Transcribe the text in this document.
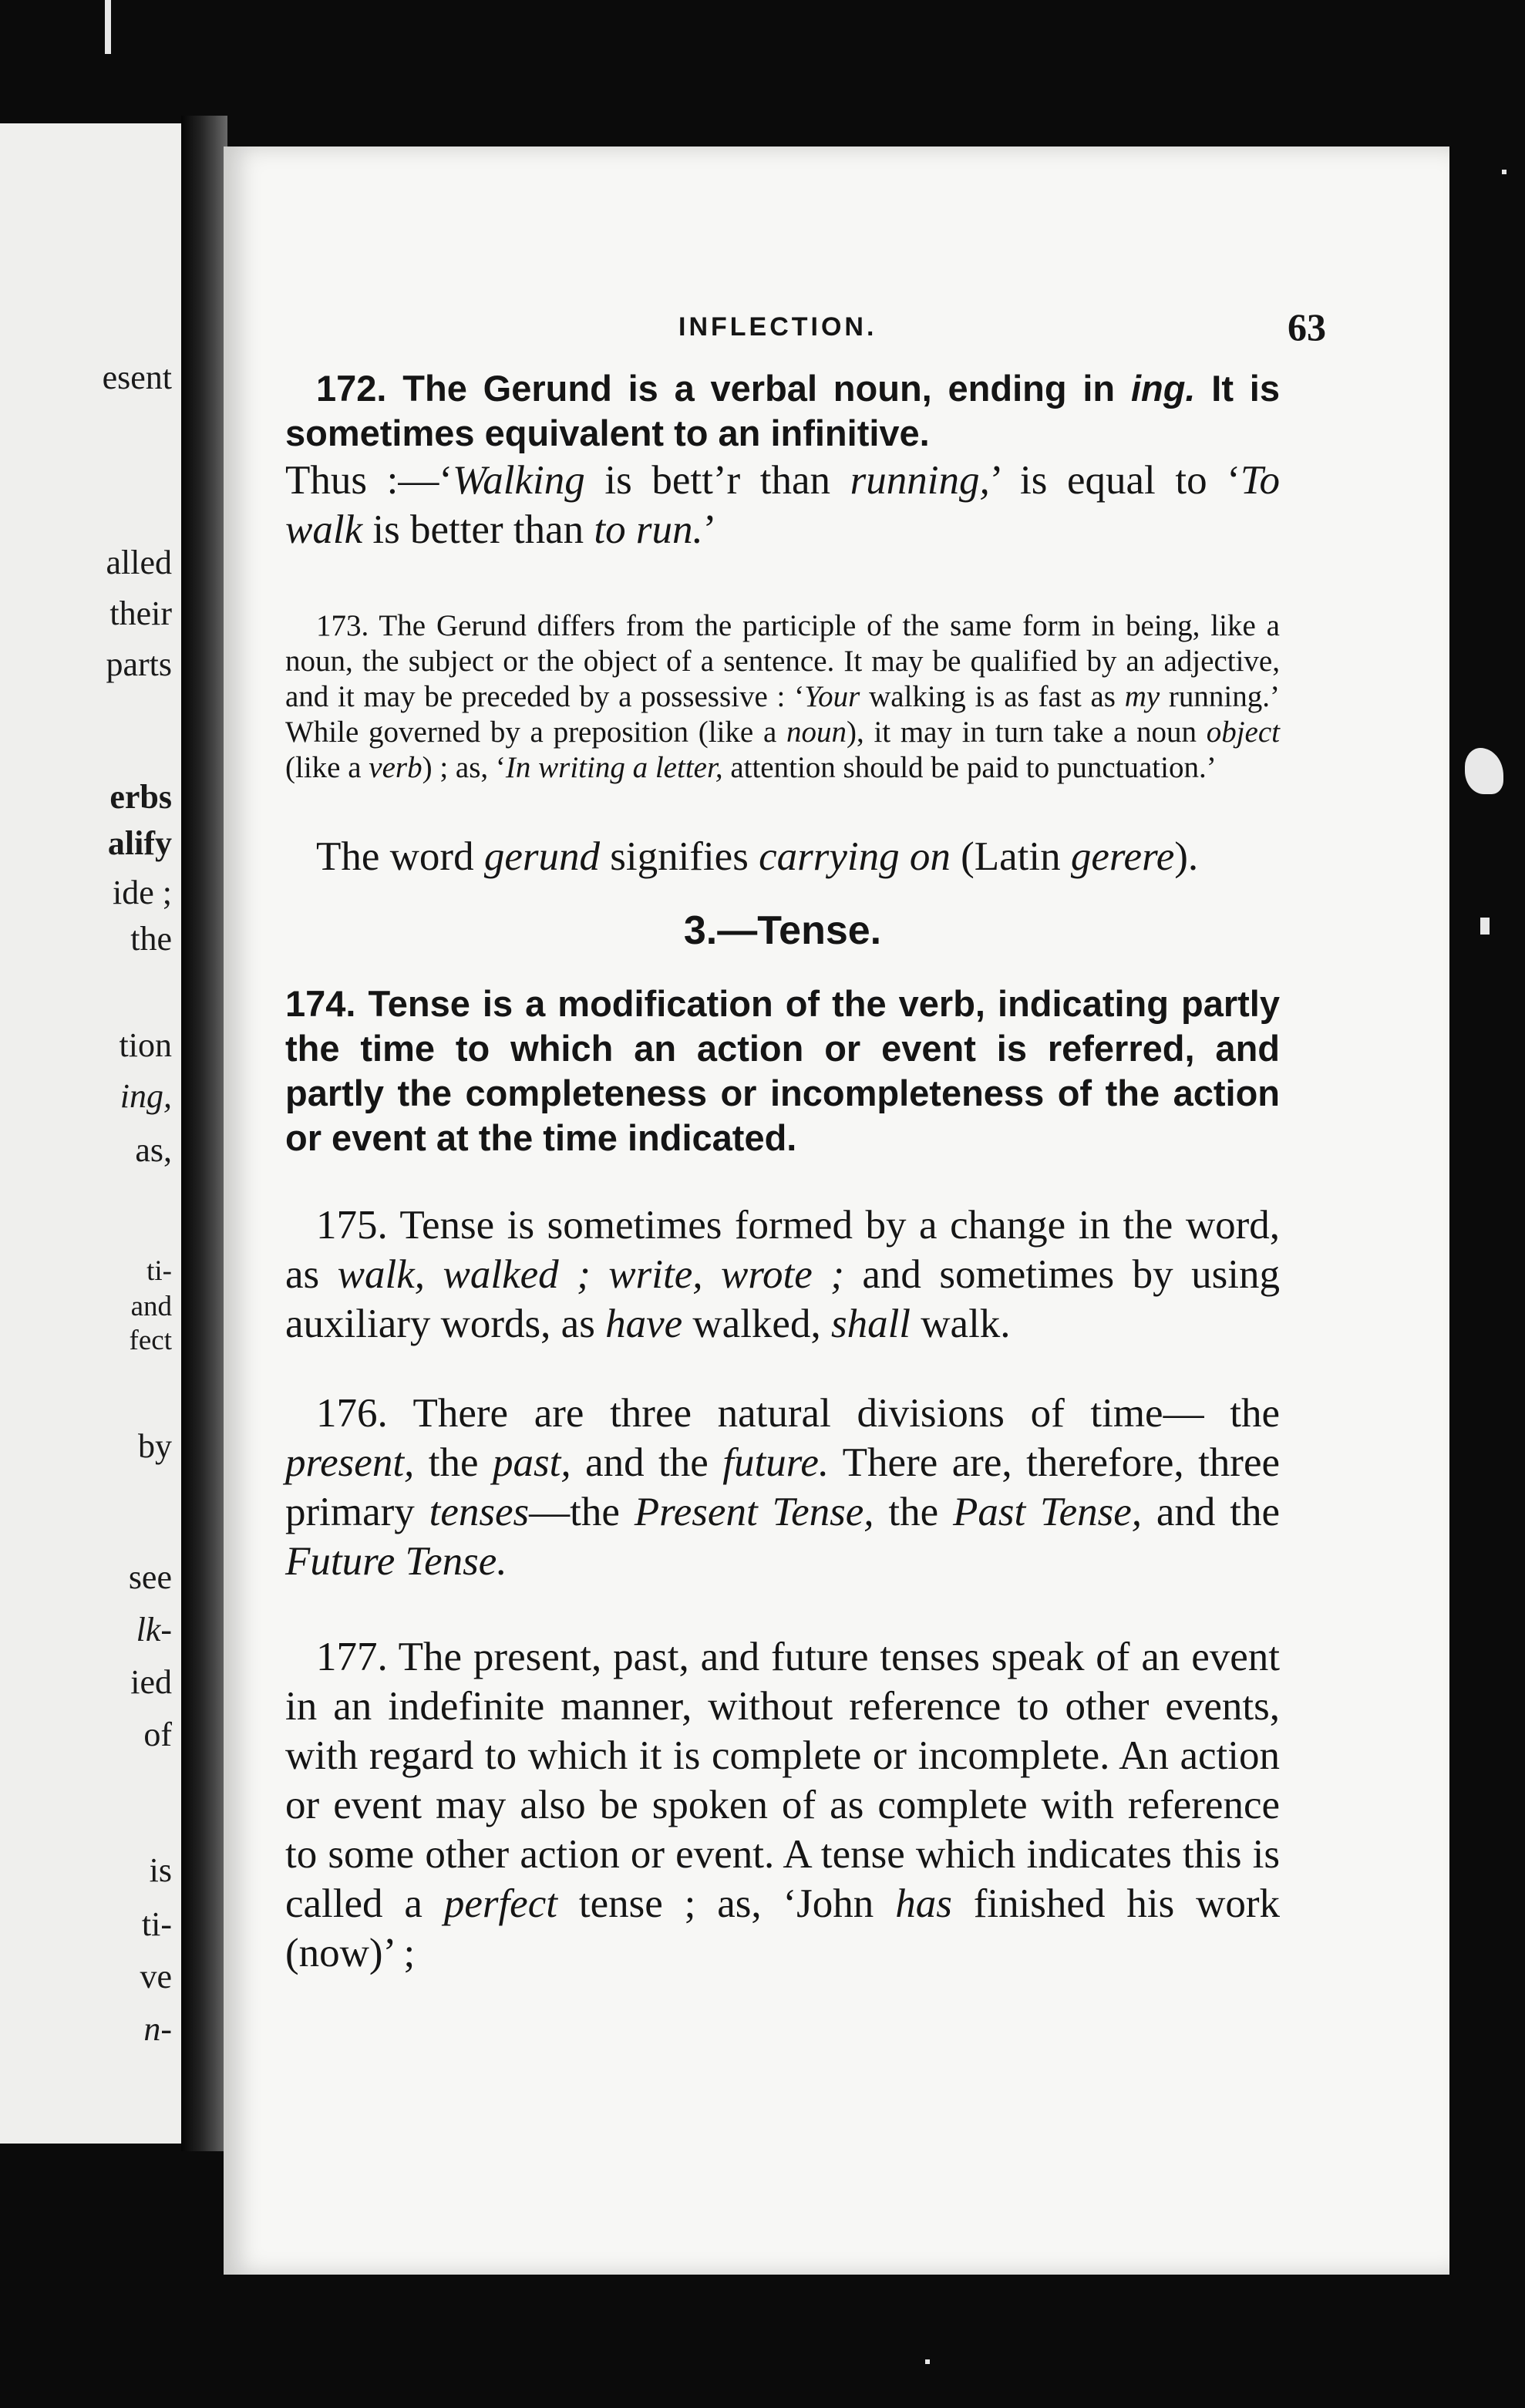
esent
alled
their
parts
erbs
alify
ide ;
the
tion
ing,
as,
ti-
and
fect
by
see
lk-
ied
of
is
ti-
ve
n-
INFLECTION.	63

172. The Gerund is a verbal noun, ending in ing. It is sometimes equivalent to an infinitive.

Thus :—‘Walking is bett’r than running,’ is equal to ‘To walk is better than to run.’

173. The Gerund differs from the participle of the same form in being, like a noun, the subject or the object of a sentence. It may be qualified by an adjective, and it may be preceded by a possessive : ‘Your walking is as fast as my running.’ While governed by a preposition (like a noun), it may in turn take a noun object (like a verb) ; as, ‘In writing a letter, attention should be paid to punctuation.’

The word gerund signifies carrying on (Latin gerere).

3.—Tense.

174. Tense is a modification of the verb, indicating partly the time to which an action or event is referred, and partly the completeness or incompleteness of the action or event at the time indicated.

175. Tense is sometimes formed by a change in the word, as walk, walked ; write, wrote ; and sometimes by using auxiliary words, as have walked, shall walk.

176. There are three natural divisions of time— the present, the past, and the future. There are, therefore, three primary tenses—the Present Tense, the Past Tense, and the Future Tense.

177. The present, past, and future tenses speak of an event in an indefinite manner, without reference to other events, with regard to which it is complete or incomplete. An action or event may also be spoken of as complete with reference to some other action or event. A tense which indicates this is called a perfect tense ; as, ‘John has finished his work (now)’ ;
